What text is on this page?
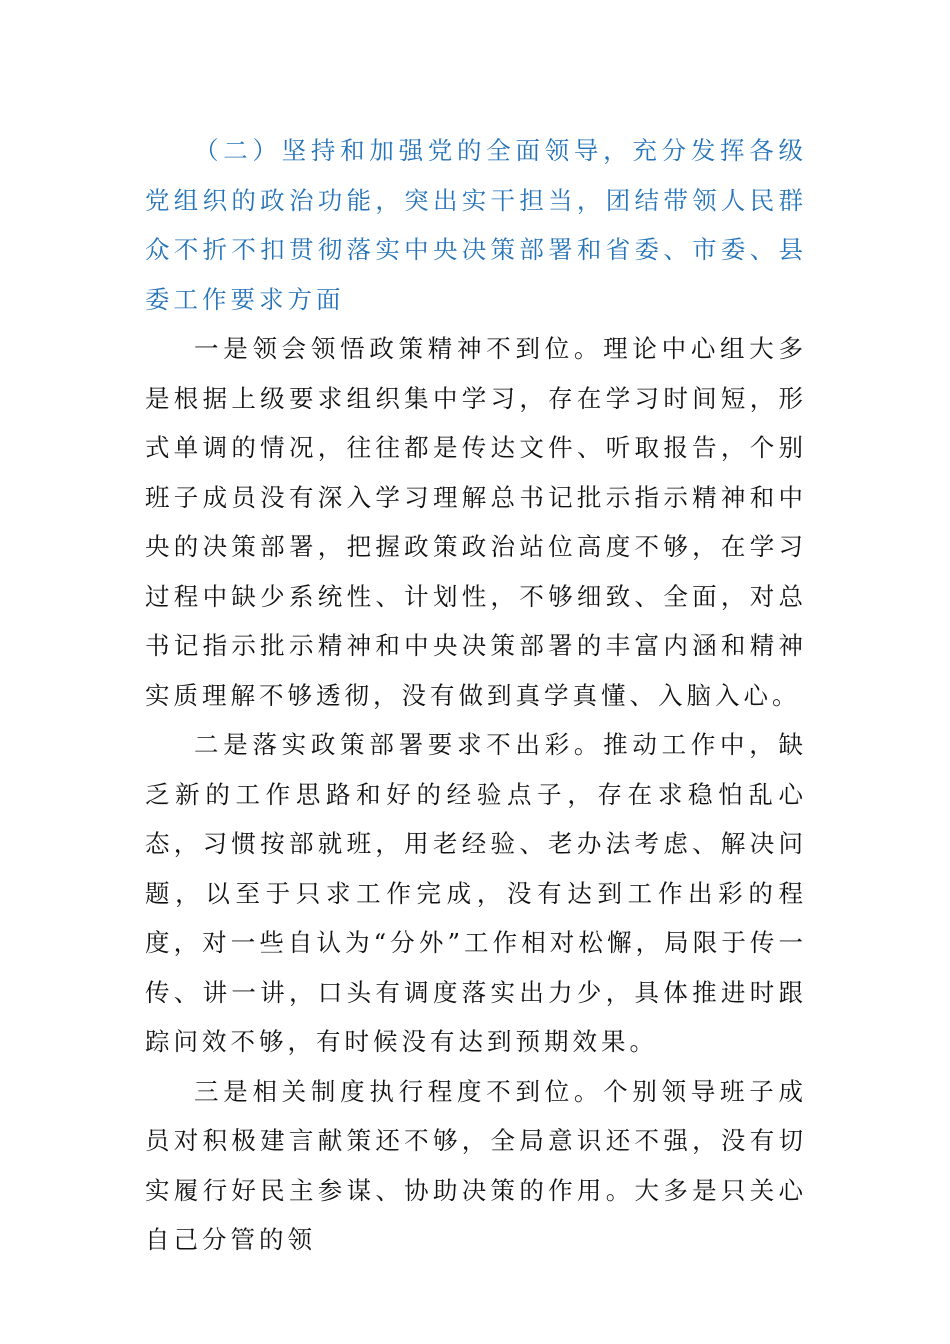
（二）坚持和加强党的全面领导，充分发挥各级党组织的政治功能，突出实干担当，团结带领人民群众不折不扣贯彻落实中央决策部署和省委、市委、县委工作要求方面

一是领会领悟政策精神不到位。理论中心组大多是根据上级要求组织集中学习，存在学习时间短，形式单调的情况，往往都是传达文件、听取报告，个别班子成员没有深入学习理解总书记批示指示精神和中央的决策部署，把握政策政治站位高度不够，在学习过程中缺少系统性、计划性，不够细致、全面，对总书记指示批示精神和中央决策部署的丰富内涵和精神实质理解不够透彻，没有做到真学真懂、入脑入心。

二是落实政策部署要求不出彩。推动工作中，缺乏新的工作思路和好的经验点子，存在求稳怕乱心态，习惯按部就班，用老经验、老办法考虑、解决问题，以至于只求工作完成，没有达到工作出彩的程度，对一些自认为“分外”工作相对松懈，局限于传一传、讲一讲，口头有调度落实出力少，具体推进时跟踪问效不够，有时候没有达到预期效果。

三是相关制度执行程度不到位。个别领导班子成员对积极建言献策还不够，全局意识还不强，没有切实履行好民主参谋、协助决策的作用。大多是只关心自己分管的领
